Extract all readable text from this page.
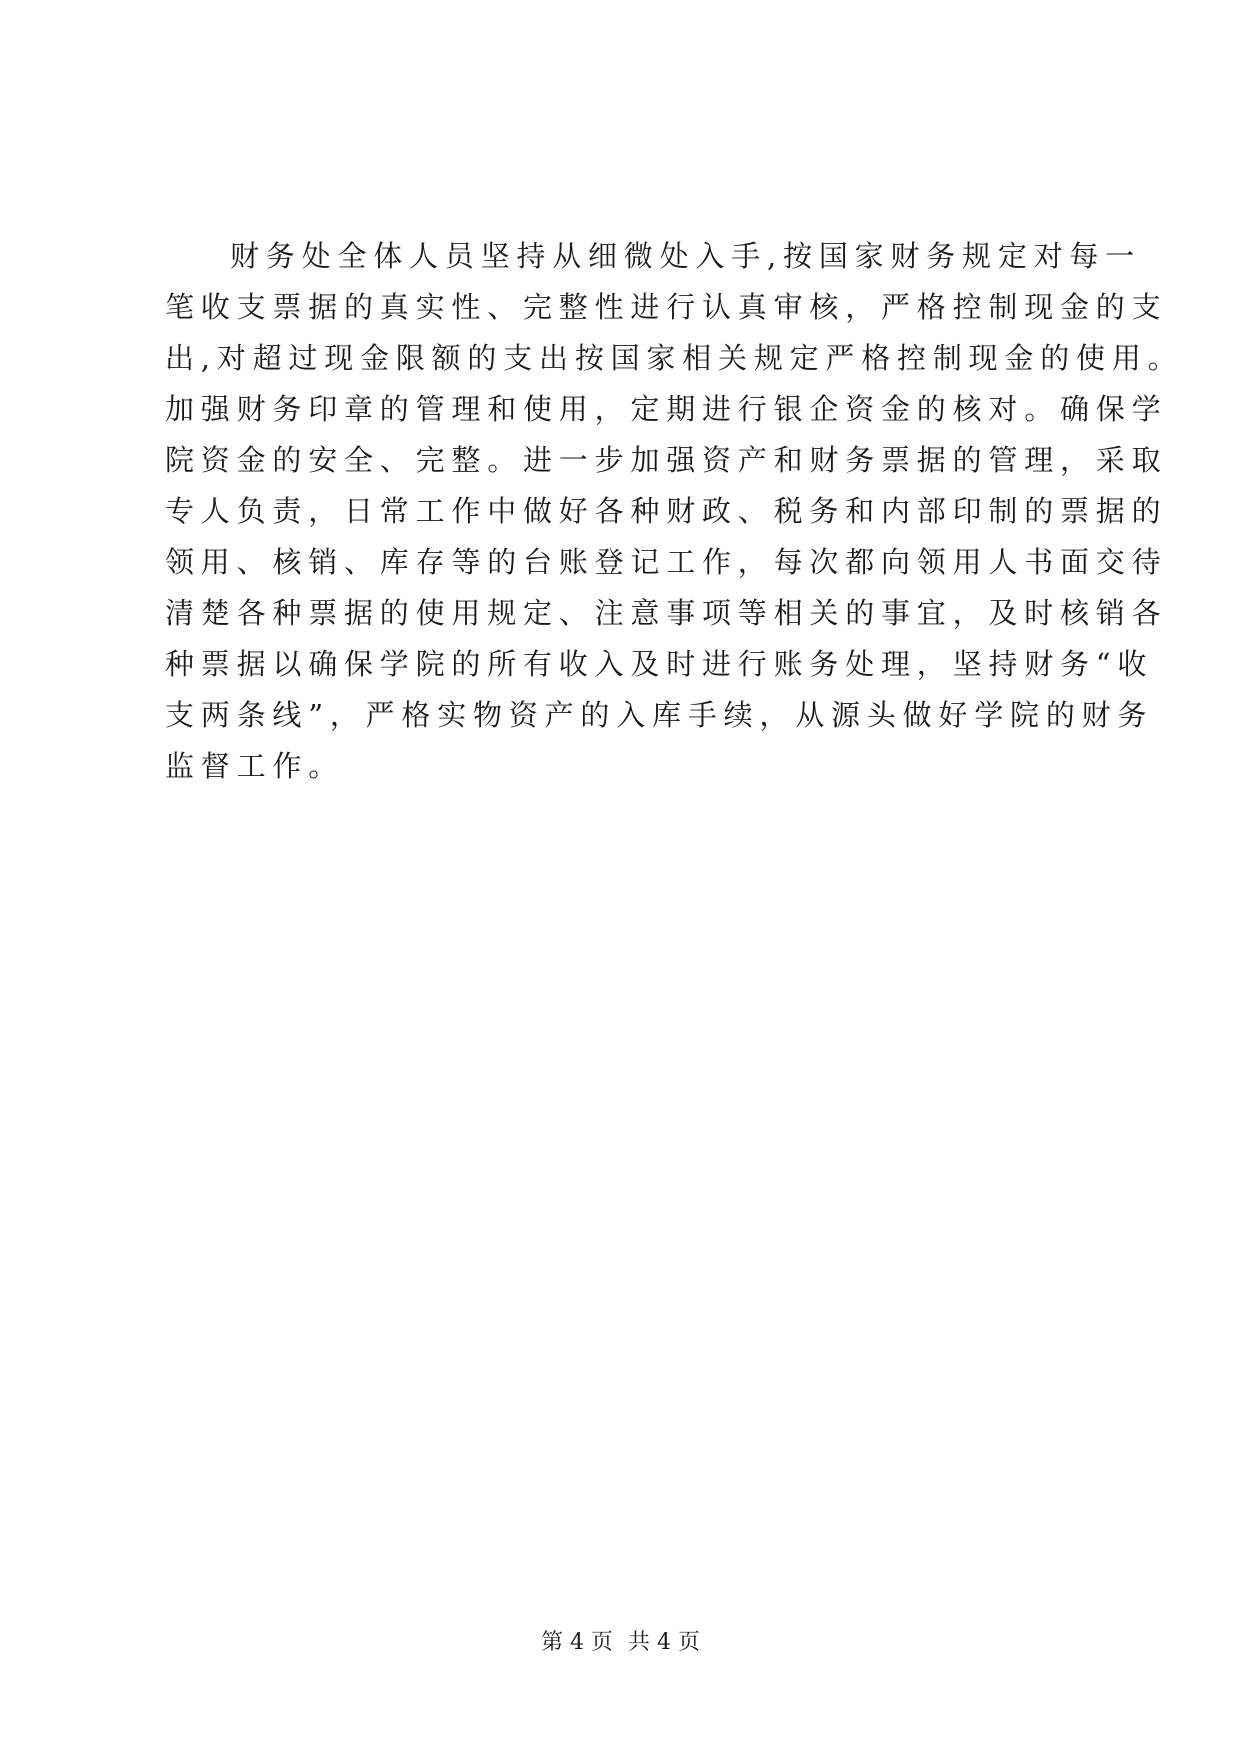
财务处全体人员坚持从细微处入手,按国家财务规定对每一
笔收支票据的真实性、完整性进行认真审核，严格控制现金的支
出,对超过现金限额的支出按国家相关规定严格控制现金的使用。
加强财务印章的管理和使用，定期进行银企资金的核对。确保学
院资金的安全、完整。进一步加强资产和财务票据的管理，采取
专人负责，日常工作中做好各种财政、税务和内部印制的票据的
领用、核销、库存等的台账登记工作，每次都向领用人书面交待
清楚各种票据的使用规定、注意事项等相关的事宜，及时核销各
种票据以确保学院的所有收入及时进行账务处理，坚持财务“收
支两条线”，严格实物资产的入库手续，从源头做好学院的财务
监督工作。
第 4 页 共 4 页
